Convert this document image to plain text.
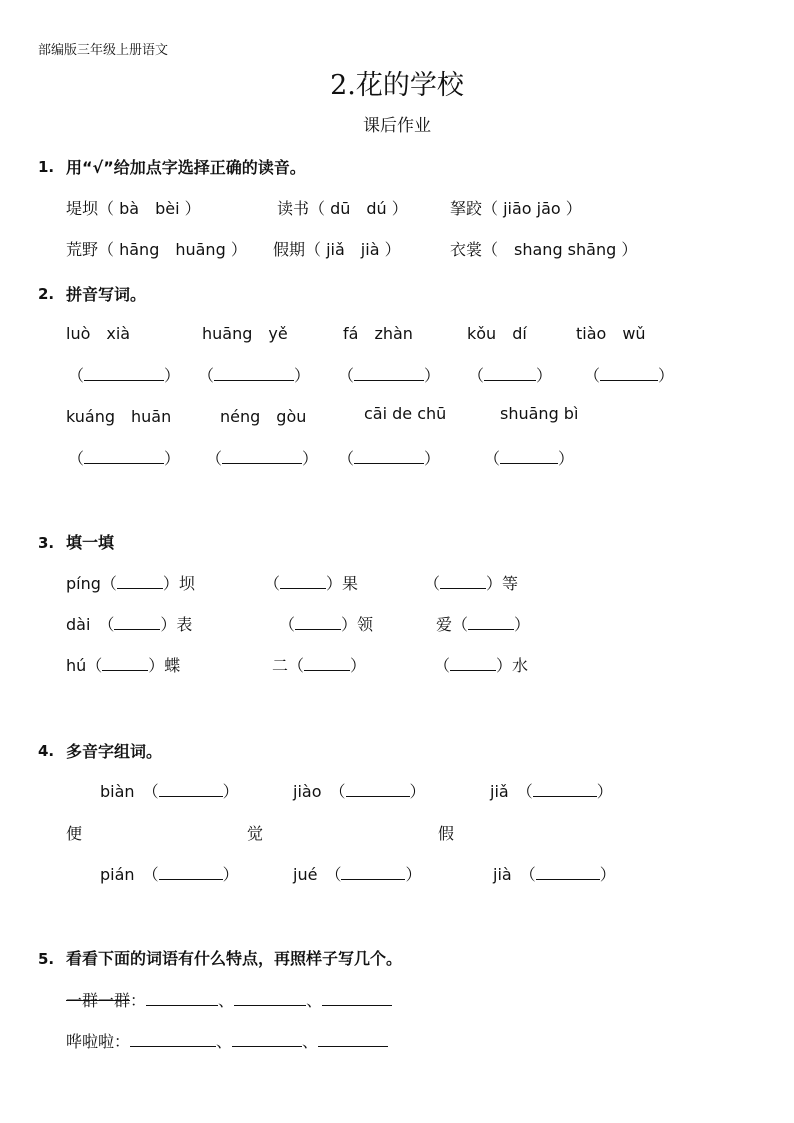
部编版三年级上册语文
2.花的学校
课后作业
1. 用“√”给加点字选择正确的读音。
堤坝（ bà　bèi ）	读书（ dū　dú ）	拏跤（ jiāo jāo ）
荒野（ hāng　huāng ） 假期（ jiǎ　jià ）	衣裳（　shang shāng ）
2. 拼音写词。
luò　xià	huāng　yě	fá　zhàn	kǒu　dí	tiào　wǔ
（	） （	） （	） （	） （	）
kuáng　huān	néng　gòu	cāi de chū	shuāng bì
（	） （	） （	）	（	）
3. 填一填
píng（	）坝	（	）果	（	）等
dài　（	）表	（	）领	爱（	）
hú（	）蝶	二（	）	（	）水
4. 多音字组词。
biàn　 （	）	jiào　 （	）	jiǎ　 （	）
便	觉	假
pián　 （	）	jué　 （	）	jià　 （	）
5. 看看下面的词语有什么特点，再照样子写几个。
一群一群：	、	、
哗啦啦：	、	、
